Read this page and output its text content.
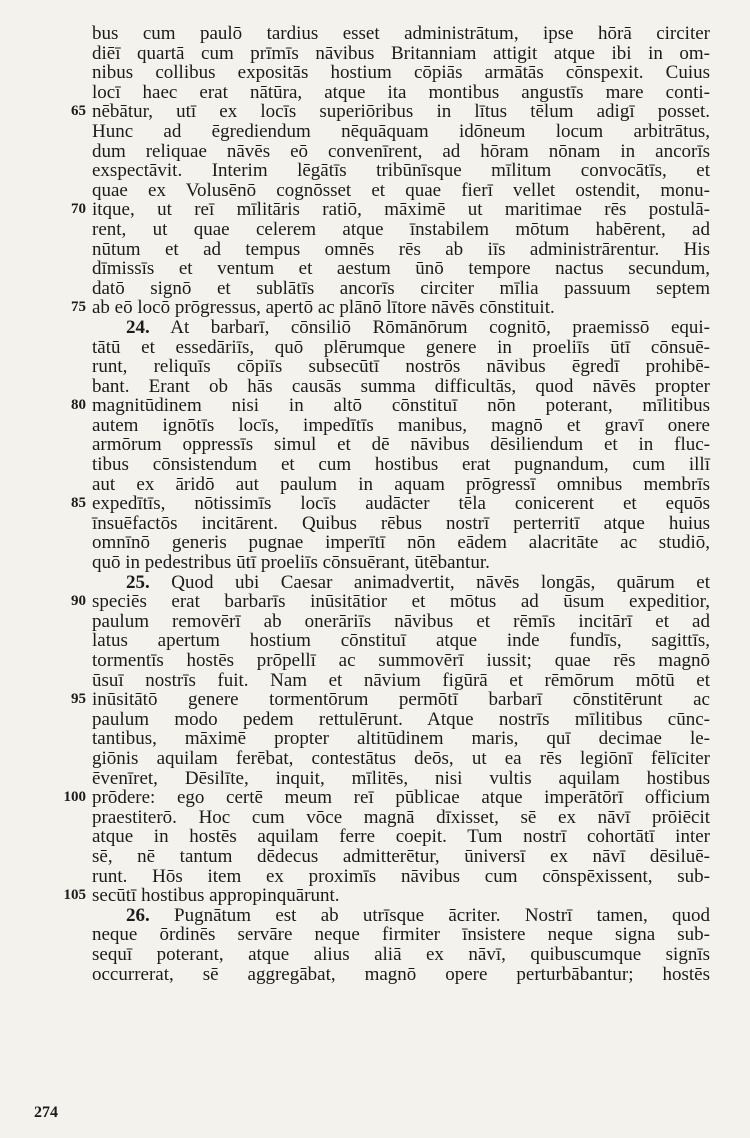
bus cum paulō tardius esset administrātum, ipse hōrā circiter
diēī quartā cum prīmīs nāvibus Britanniam attigit atque ibi in om-
nibus collibus expositās hostium cōpiās armātās cōnspexit. Cuius
locī haec erat nātūra, atque ita montibus angustīs mare conti-
65 nēbātur, utī ex locīs superiōribus in lītus tēlum adigī posset.
Hunc ad ēgrediendum nēquāquam idōneum locum arbitrātus,
dum reliquae nāvēs eō convenīrent, ad hōram nōnam in ancorīs
exspectāvit. Interim lēgātīs tribūnīsque mīlitum convocātīs, et
quae ex Volusēnō cognōsset et quae fierī vellet ostendit, monu-
70 itque, ut reī mīlitāris ratiō, māximē ut maritimae rēs postulā-
rent, ut quae celerem atque īnstabilem mōtum habērent, ad
nūtum et ad tempus omnēs rēs ab iīs administrārentur. His
dīmissīs et ventum et aestum ūnō tempore nactus secundum,
datō signō et sublātīs ancorīs circiter mīlia passuum septem
75 ab eō locō prōgressus, apertō ac plānō lītore nāvēs cōnstituit.
24. At barbarī, cōnsiliō Rōmānōrum cognitō, praemissō equi-
tātū et essedāriīs, quō plērumque genere in proeliīs ūtī cōnsuē-
runt, reliquīs cōpiīs subsecūtī nostrōs nāvibus ēgredī prohibē-
bant. Erant ob hās causās summa difficultās, quod nāvēs propter
80 magnitūdinem nisi in altō cōnstituī nōn poterant, mīlitibus
autem ignōtīs locīs, impedītīs manibus, magnō et gravī onere
armōrum oppressīs simul et dē nāvibus dēsiliendum et in fluc-
tibus cōnsistendum et cum hostibus erat pugnandum, cum illī
aut ex āridō aut paulum in aquam prōgressī omnibus membrīs
85 expedītīs, nōtissimīs locīs audācter tēla conicerent et equōs
īnsuēfactōs incitārent. Quibus rēbus nostrī perterritī atque huius
omnīnō generis pugnae imperītī nōn eādem alacritāte ac studiō,
quō in pedestribus ūtī proeliīs cōnsuērant, ūtēbantur.
25. Quod ubi Caesar animadvertit, nāvēs longās, quārum et
90 speciēs erat barbarīs inūsitātior et mōtus ad ūsum expeditior,
paulum removērī ab onerāriīs nāvibus et rēmīs incitārī et ad
latus apertum hostium cōnstituī atque inde fundīs, sagittīs,
tormentīs hostēs prōpellī ac summovērī iussit; quae rēs magnō
ūsuī nostrīs fuit. Nam et nāvium figūrā et rēmōrum mōtū et
95 inūsitātō genere tormentōrum permōtī barbarī cōnstitērunt ac
paulum modo pedem rettulērunt. Atque nostrīs mīlitibus cūnc-
tantibus, māximē propter altitūdinem maris, quī decimae le-
giōnis aquilam ferēbat, contestātus deōs, ut ea rēs legiōnī fēlīciter
ēvenīret, Dēsilīte, inquit, mīlitēs, nisi vultis aquilam hostibus
100 prōdere: ego certē meum reī pūblicae atque imperātōrī officium
praestiterō. Hoc cum vōce magnā dīxisset, sē ex nāvī prōiēcit
atque in hostēs aquilam ferre coepit. Tum nostrī cohortātī inter
sē, nē tantum dēdecus admitterētur, ūniversī ex nāvī dēsiluē-
runt. Hōs item ex proximīs nāvibus cum cōnspēxissent, sub-
105 secūtī hostibus appropinquārunt.
26. Pugnātum est ab utrīsque ācriter. Nostrī tamen, quod
neque ōrdinēs servāre neque firmiter īnsistere neque signa sub-
sequī poterant, atque alius aliā ex nāvī, quibuscumque signīs
occurrerat, sē aggregābat, magnō opere perturbābantur; hostēs
274
